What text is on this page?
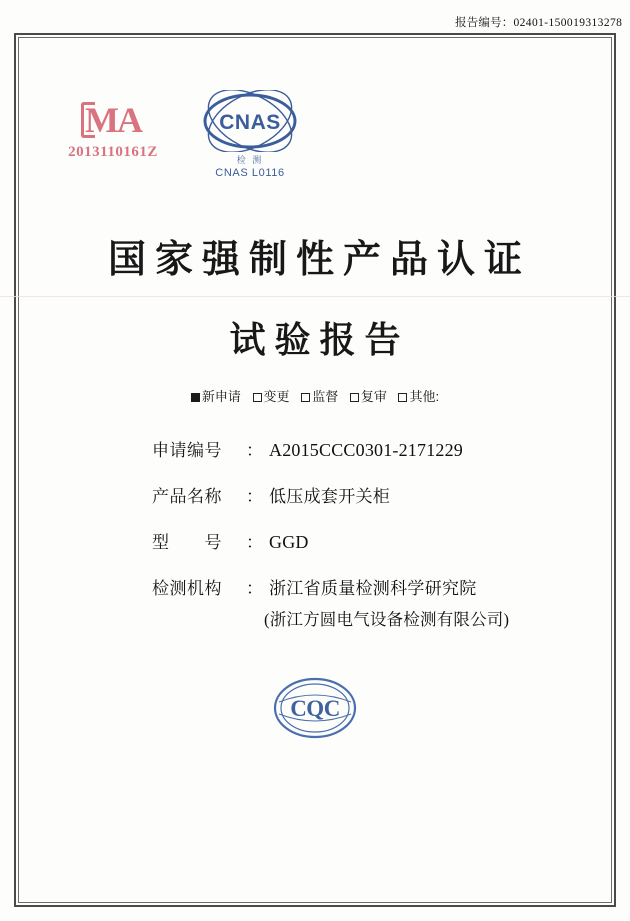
报告编号：02401-150019313278
MA
2013110161Z
CNAS
检 测
CNAS L0116
国家强制性产品认证
试验报告
新申请 变更 监督 复审 其他:
申请编号	： A2015CCC0301-2171229
产品名称	： 低压成套开关柜
型　　号	： GGD
检测机构	： 浙江省质量检测科学研究院
(浙江方圆电气设备检测有限公司)
CQC
